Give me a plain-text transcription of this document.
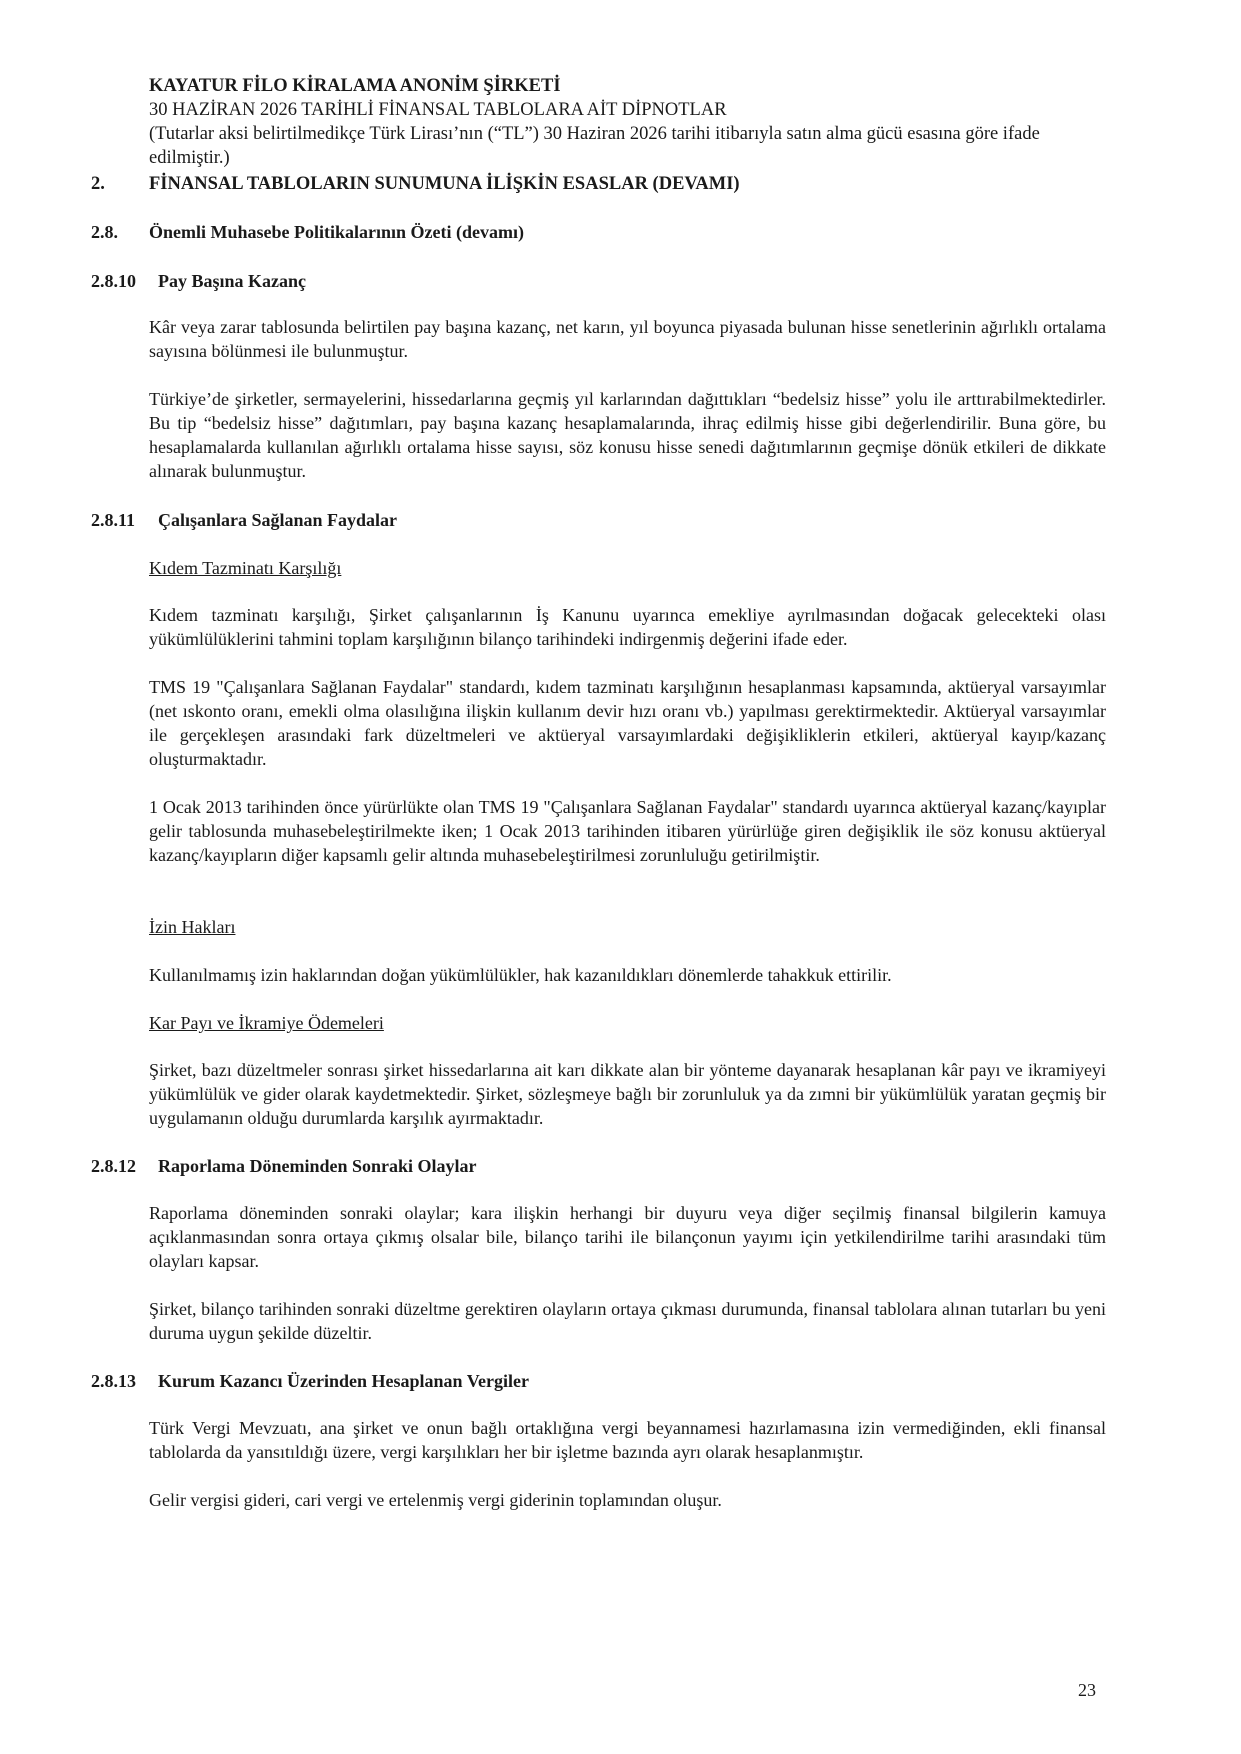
KAYATUR FİLO KİRALAMA ANONİM ŞİRKETİ
30 HAZİRAN 2026 TARİHLİ FİNANSAL TABLOLARA AİT DİPNOTLAR
(Tutarlar aksi belirtilmedikçe Türk Lirası’nın (“TL”) 30 Haziran 2026 tarihi itibarıyla satın alma gücü esasına göre ifade edilmiştir.)
2. FİNANSAL TABLOLARIN SUNUMUNA İLİŞKİN ESASLAR (DEVAMI)
2.8. Önemli Muhasebe Politikalarının Özeti (devamı)
2.8.10 Pay Başına Kazanç
Kâr veya zarar tablosunda belirtilen pay başına kazanç, net karın, yıl boyunca piyasada bulunan hisse senetlerinin ağırlıklı ortalama sayısına bölünmesi ile bulunmuştur.
Türkiye’de şirketler, sermayelerini, hissedarlarına geçmiş yıl karlarından dağıttıkları “bedelsiz hisse” yolu ile arttırabilmektedirler. Bu tip “bedelsiz hisse” dağıtımları, pay başına kazanç hesaplamalarında, ihraç edilmiş hisse gibi değerlendirilir. Buna göre, bu hesaplamalarda kullanılan ağırlıklı ortalama hisse sayısı, söz konusu hisse senedi dağıtımlarının geçmişe dönük etkileri de dikkate alınarak bulunmuştur.
2.8.11 Çalışanlara Sağlanan Faydalar
Kıdem Tazminatı Karşılığı
Kıdem tazminatı karşılığı, Şirket çalışanlarının İş Kanunu uyarınca emekliye ayrılmasından doğacak gelecekteki olası yükümlülüklerini tahmini toplam karşılığının bilanço tarihindeki indirgenmiş değerini ifade eder.
TMS 19 "Çalışanlara Sağlanan Faydalar" standardı, kıdem tazminatı karşılığının hesaplanması kapsamında, aktüeryal varsayımlar (net ıskonto oranı, emekli olma olasılığına ilişkin kullanım devir hızı oranı vb.) yapılması gerektirmektedir. Aktüeryal varsayımlar ile gerçekleşen arasındaki fark düzeltmeleri ve aktüeryal varsayımlardaki değişikliklerin etkileri, aktüeryal kayıp/kazanç oluşturmaktadır.
1 Ocak 2013 tarihinden önce yürürlükte olan TMS 19 "Çalışanlara Sağlanan Faydalar" standardı uyarınca aktüeryal kazanç/kayıplar gelir tablosunda muhasebeleştirilmekte iken; 1 Ocak 2013 tarihinden itibaren yürürlüğe giren değişiklik ile söz konusu aktüeryal kazanç/kayıpların diğer kapsamlı gelir altında muhasebeleştirilmesi zorunluluğu getirilmiştir.
İzin Hakları
Kullanılmamış izin haklarından doğan yükümlülükler, hak kazanıldıkları dönemlerde tahakkuk ettirilir.
Kar Payı ve İkramiye Ödemeleri
Şirket, bazı düzeltmeler sonrası şirket hissedarlarına ait karı dikkate alan bir yönteme dayanarak hesaplanan kâr payı ve ikramiyeyi yükümlülük ve gider olarak kaydetmektedir. Şirket, sözleşmeye bağlı bir zorunluluk ya da zımni bir yükümlülük yaratan geçmiş bir uygulamanın olduğu durumlarda karşılık ayırmaktadır.
2.8.12 Raporlama Döneminden Sonraki Olaylar
Raporlama döneminden sonraki olaylar; kara ilişkin herhangi bir duyuru veya diğer seçilmiş finansal bilgilerin kamuya açıklanmasından sonra ortaya çıkmış olsalar bile, bilanço tarihi ile bilançonun yayımı için yetkilendirilme tarihi arasındaki tüm olayları kapsar.
Şirket, bilanço tarihinden sonraki düzeltme gerektiren olayların ortaya çıkması durumunda, finansal tablolara alınan tutarları bu yeni duruma uygun şekilde düzeltir.
2.8.13 Kurum Kazancı Üzerinden Hesaplanan Vergiler
Türk Vergi Mevzuatı, ana şirket ve onun bağlı ortaklığına vergi beyannamesi hazırlamasına izin vermediğinden, ekli finansal tablolarda da yansıtıldığı üzere, vergi karşılıkları her bir işletme bazında ayrı olarak hesaplanmıştır.
Gelir vergisi gideri, cari vergi ve ertelenmiş vergi giderinin toplamından oluşur.
23
